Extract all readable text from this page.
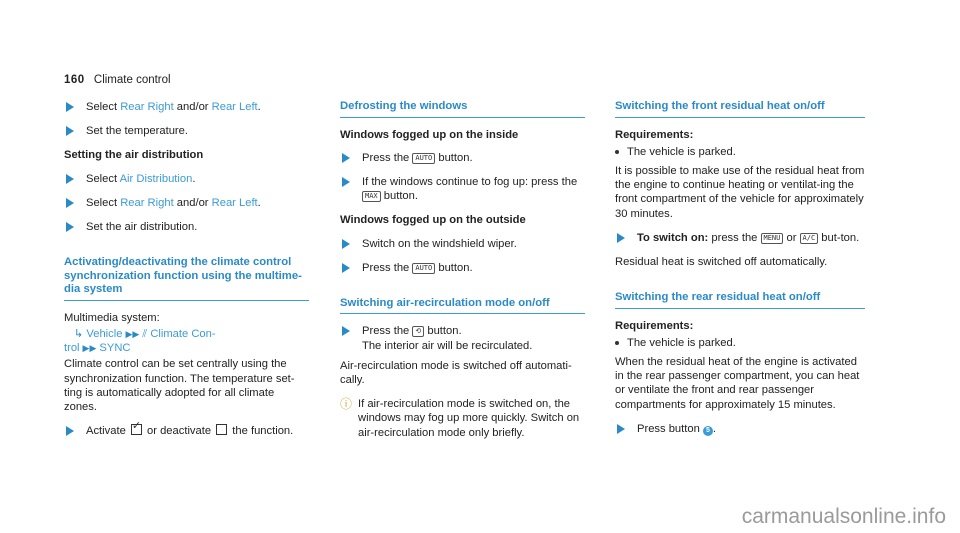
160 Climate control
Select Rear Right and/or Rear Left.
Set the temperature.
Setting the air distribution
Select Air Distribution.
Select Rear Right and/or Rear Left.
Set the air distribution.
Activating/deactivating the climate control synchronization function using the multime-dia system

Multimedia system:

↳ Vehicle ▶▶ ⫽ Climate Con-
trol ▶▶ SYNC

Climate control can be set centrally using the synchronization function. The temperature set-ting is automatically adopted for all climate zones.

Activate ✓ or deactivate  the function.
Defrosting the windows
Windows fogged up on the inside
Press the AUTO button.
If the windows continue to fog up: press the MAX button.
Windows fogged up on the outside
Switch on the windshield wiper.
Press the AUTO button.
Switching air-recirculation mode on/off
Press the ⟲ button.
The interior air will be recirculated.

Air-recirculation mode is switched off automati-cally.

ⓘ If air-recirculation mode is switched on, the windows may fog up more quickly. Switch on air-recirculation mode only briefly.
Switching the front residual heat on/off
Requirements:
The vehicle is parked.

It is possible to make use of the residual heat from the engine to continue heating or ventilat-ing the front compartment of the vehicle for approximately 30 minutes.

To switch on: press the MENU or A/C but-ton.

Residual heat is switched off automatically.

Switching the rear residual heat on/off
Requirements:
The vehicle is parked.

When the residual heat of the engine is activated in the rear passenger compartment, you can heat or ventilate the front and rear passenger compartments for approximately 15 minutes.

Press button 5 .
carmanualsonline.info
